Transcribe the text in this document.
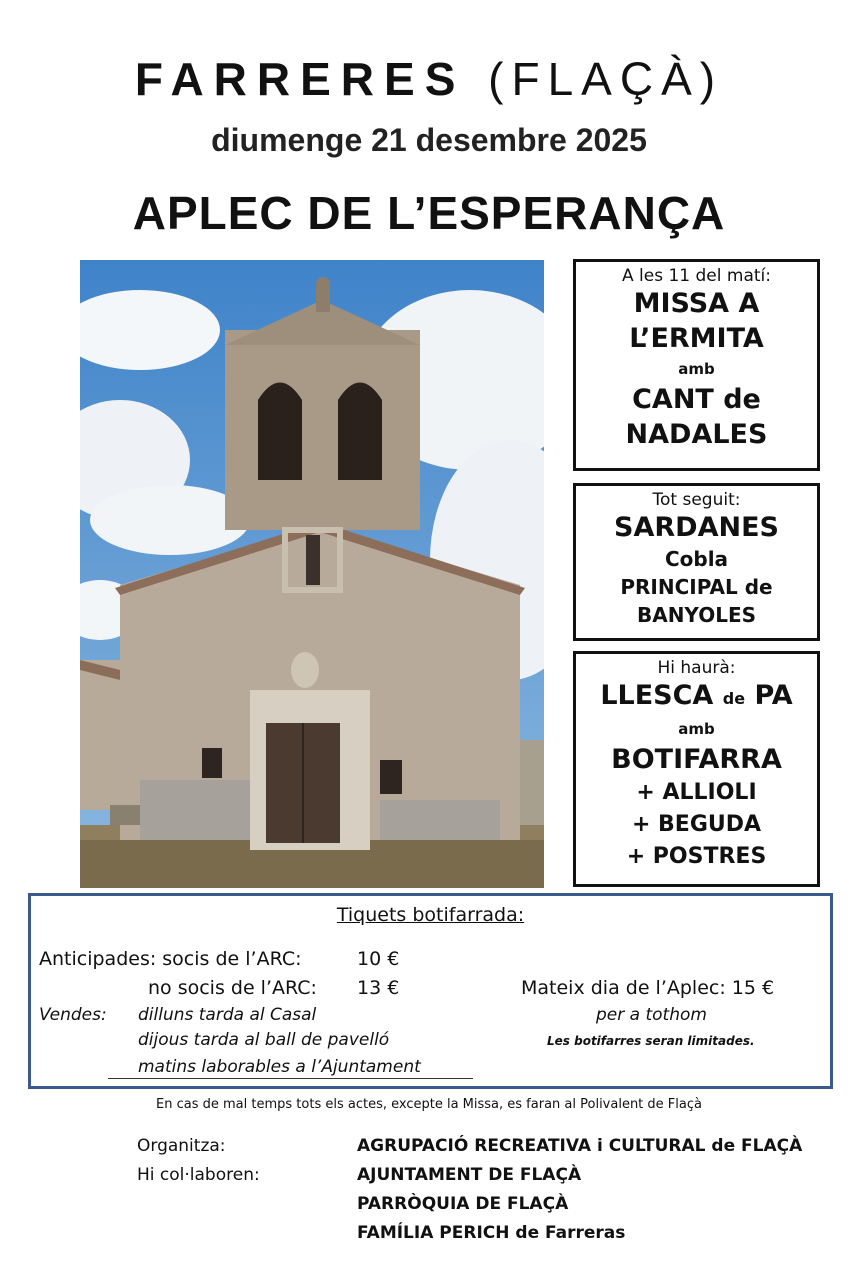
FARRERES (FLAÇÀ)
diumenge 21 desembre 2025
APLEC DE L’ESPERANÇA
A les 11 del matí:
MISSA A
L’ERMITA
amb
CANT de
NADALES
Tot seguit:
SARDANES
Cobla
PRINCIPAL de
BANYOLES
Hi haurà:
LLESCA de PA
amb
BOTIFARRA
+ ALLIOLI
+ BEGUDA
+ POSTRES
Tiquets botifarrada:
Anticipades: socis de l’ARC:	10 €
no socis de l’ARC: 13 €
Vendes: dilluns tarda al Casal
dijous tarda al ball de pavelló
matins laborables a l’Ajuntament
Mateix dia de l’Aplec: 15 €
per a tothom
Les botifarres seran limitades.
En cas de mal temps tots els actes, excepte la Missa, es faran al Polivalent de Flaçà
Organitza:	AGRUPACIÓ RECREATIVA i CULTURAL de FLAÇÀ
Hi col·laboren:	AJUNTAMENT DE FLAÇÀ
PARRÒQUIA DE FLAÇÀ
FAMÍLIA PERICH de Farreras
